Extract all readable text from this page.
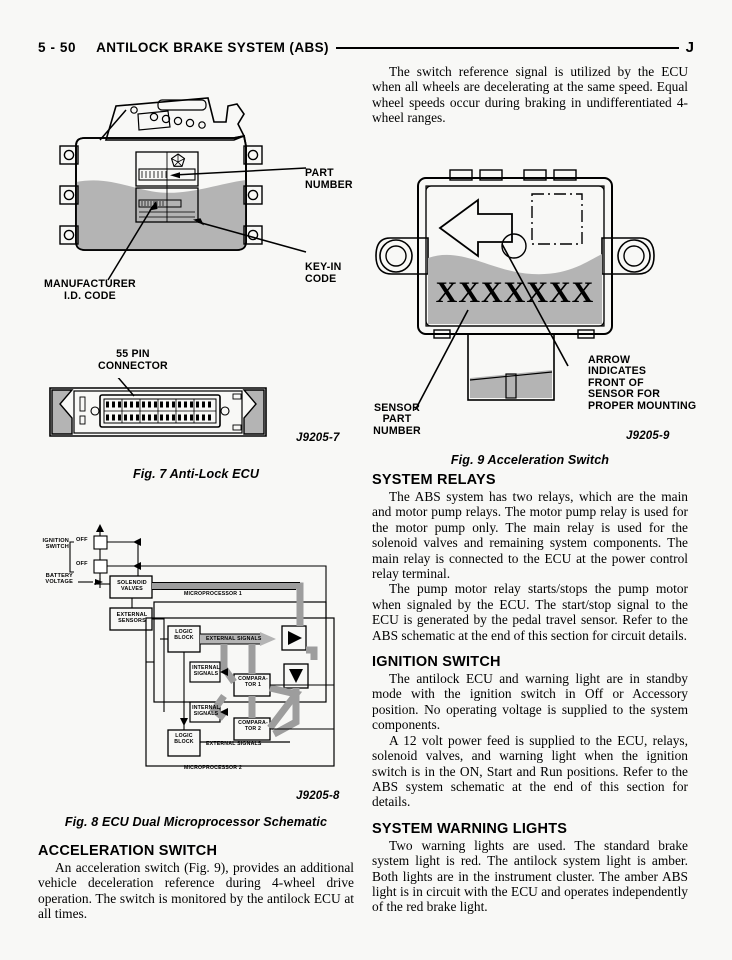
5 - 50 ANTILOCK BRAKE SYSTEM (ABS)	J
PART
NUMBER
KEY-IN
CODE
MANUFACTURER
I.D. CODE
55 PIN
CONNECTOR
J9205-7
Fig. 7 Anti-Lock ECU
IGNITION
SWITCH
OFF
OFF
BATTERY
VOLTAGE	SOLENOID
VALVES
EXTERNAL
SENSORS
MICROPROCESSOR 1
MICROPROCESSOR 2
LOGIC
BLOCK
LOGIC
BLOCK
INTERNAL
SIGNALS
INTERNAL
SIGNALS
EXTERNAL SIGNALS
EXTERNAL SIGNALS
COMPARA-
TOR 1
COMPARA-
TOR 2
J9205-8
Fig. 8 ECU Dual Microprocessor Schematic
ACCELERATION SWITCH

An acceleration switch (Fig. 9), provides an additional vehicle deceleration reference during 4-wheel drive operation. The switch is monitored by the antilock ECU at all times.

The switch reference signal is utilized by the ECU when all wheels are decelerating at the same speed. Equal wheel speeds occur during braking in undifferentiated 4-wheel ranges.

XXXXXXX
ARROW
INDICATES
FRONT OF
SENSOR FOR
PROPER MOUNTING
SENSOR
PART
NUMBER	J9205-9
Fig. 9 Acceleration Switch
SYSTEM RELAYS

The ABS system has two relays, which are the main and motor pump relays. The motor pump relay is used for the motor pump only. The main relay is used for the solenoid valves and remaining system components. The main relay is connected to the ECU at the power control relay terminal.

The pump motor relay starts/stops the pump motor when signaled by the ECU. The start/stop signal to the ECU is generated by the pedal travel sensor. Refer to the ABS schematic at the end of this section for circuit details.

IGNITION SWITCH

The antilock ECU and warning light are in standby mode with the ignition switch in Off or Accessory position. No operating voltage is supplied to the system components.

A 12 volt power feed is supplied to the ECU, relays, solenoid valves, and warning light when the ignition switch is in the ON, Start and Run positions. Refer to the ABS system schematic at the end of this section for details.

SYSTEM WARNING LIGHTS

Two warning lights are used. The standard brake system light is red. The antilock system light is amber. Both lights are in the instrument cluster. The amber ABS light is in circuit with the ECU and operates independently of the red brake light.
